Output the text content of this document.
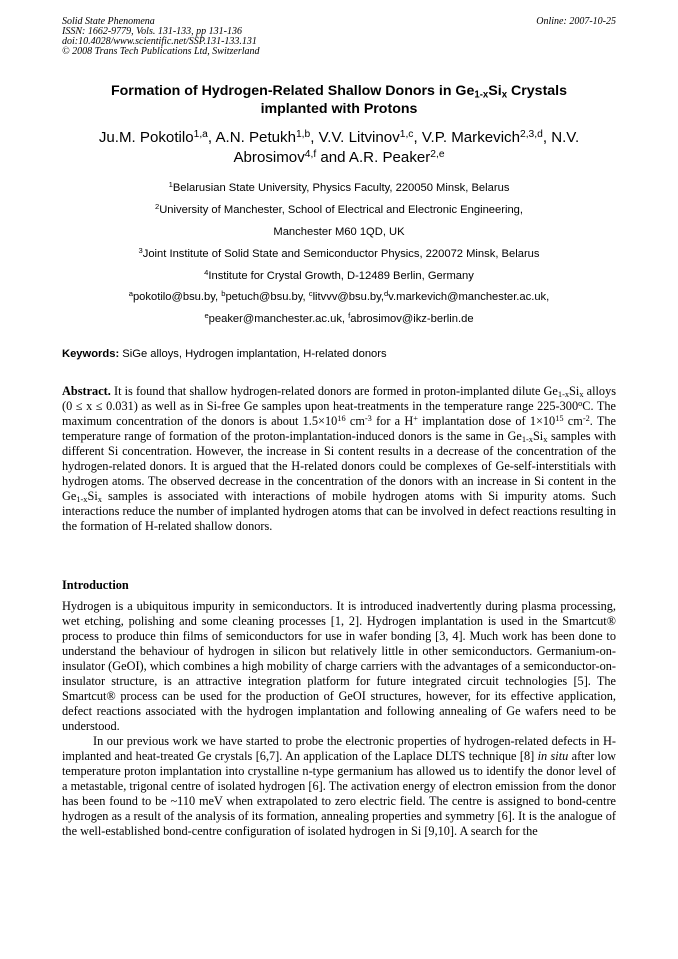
Solid State Phenomena
ISSN: 1662-9779, Vols. 131-133, pp 131-136
doi:10.4028/www.scientific.net/SSP.131-133.131
© 2008 Trans Tech Publications Ltd, Switzerland
Online: 2007-10-25
Formation of Hydrogen-Related Shallow Donors in $Ge_{1-x}Si_x$ Crystals
implanted with Protons
Ju.M. Pokotilo$^{1,a}$, A.N. Petukh$^{1,b}$, V.V. Litvinov$^{1,c}$, V.P. Markevich$^{2,3,d}$, N.V. Abrosimov$^{4,f}$ and A.R. Peaker$^{2,e}$
$^1$Belarusian State University, Physics Faculty, 220050 Minsk, Belarus
$^2$University of Manchester, School of Electrical and Electronic Engineering,
Manchester M60 1QD, UK
$^3$Joint Institute of Solid State and Semiconductor Physics, 220072 Minsk, Belarus
$^4$Institute for Crystal Growth, D-12489 Berlin, Germany
$^a$pokotilo@bsu.by, $^b$petuch@bsu.by, $^c$litvvv@bsu.by,$^d$v.markevich@manchester.ac.uk,
$^e$peaker@manchester.ac.uk, $^f$abrosimov@ikz-berlin.de
Keywords: SiGe alloys, Hydrogen implantation, H-related donors
Abstract. It is found that shallow hydrogen-related donors are formed in proton-implanted dilute $Ge_{1-x}Si_x$ alloys (0 ≤ x ≤ 0.031) as well as in Si-free Ge samples upon heat-treatments in the temperature range 225-300$^o$C. The maximum concentration of the donors is about $1.5\times 10^{16}$ $cm^{-3}$ for a H+ implantation dose of $1\times 10^{15}$ $cm^{-2}$. The temperature range of formation of the proton-implantation-induced donors is the same in $Ge_{1-x}Si_x$ samples with different Si concentration. However, the increase in Si content results in a decrease of the concentration of the hydrogen-related donors. It is argued that the H-related donors could be complexes of Ge-self-interstitials with hydrogen atoms. The observed decrease in the concentration of the donors with an increase in Si content in the $Ge_{1-x}Si_x$ samples is associated with interactions of mobile hydrogen atoms with Si impurity atoms. Such interactions reduce the number of implanted hydrogen atoms that can be involved in defect reactions resulting in the formation of H-related shallow donors.
Introduction

Hydrogen is a ubiquitous impurity in semiconductors. It is introduced inadvertently during plasma processing, wet etching, polishing and some cleaning processes [1, 2]. Hydrogen implantation is used in the Smartcut® process to produce thin films of semiconductors for use in wafer bonding [3, 4]. Much work has been done to understand the behaviour of hydrogen in silicon but relatively little in other semiconductors. Germanium-on-insulator (GeOI), which combines a high mobility of charge carriers with the advantages of a semiconductor-on-insulator structure, is an attractive integration platform for future integrated circuit technologies [5]. The Smartcut® process can be used for the production of GeOI structures, however, for its effective application, defect reactions associated with the hydrogen implantation and following annealing of Ge wafers need to be understood.

In our previous work we have started to probe the electronic properties of hydrogen-related defects in H-implanted and heat-treated Ge crystals [6,7]. An application of the Laplace DLTS technique [8] in situ after low temperature proton implantation into crystalline n-type germanium has allowed us to identify the donor level of a metastable, trigonal centre of isolated hydrogen [6]. The activation energy of electron emission from the donor has been found to be ~110 meV when extrapolated to zero electric field. The centre is assigned to bond-centre hydrogen as a result of the analysis of its formation, annealing properties and symmetry [6]. It is the analogue of the well-established bond-centre configuration of isolated hydrogen in Si [9,10]. A search for the
